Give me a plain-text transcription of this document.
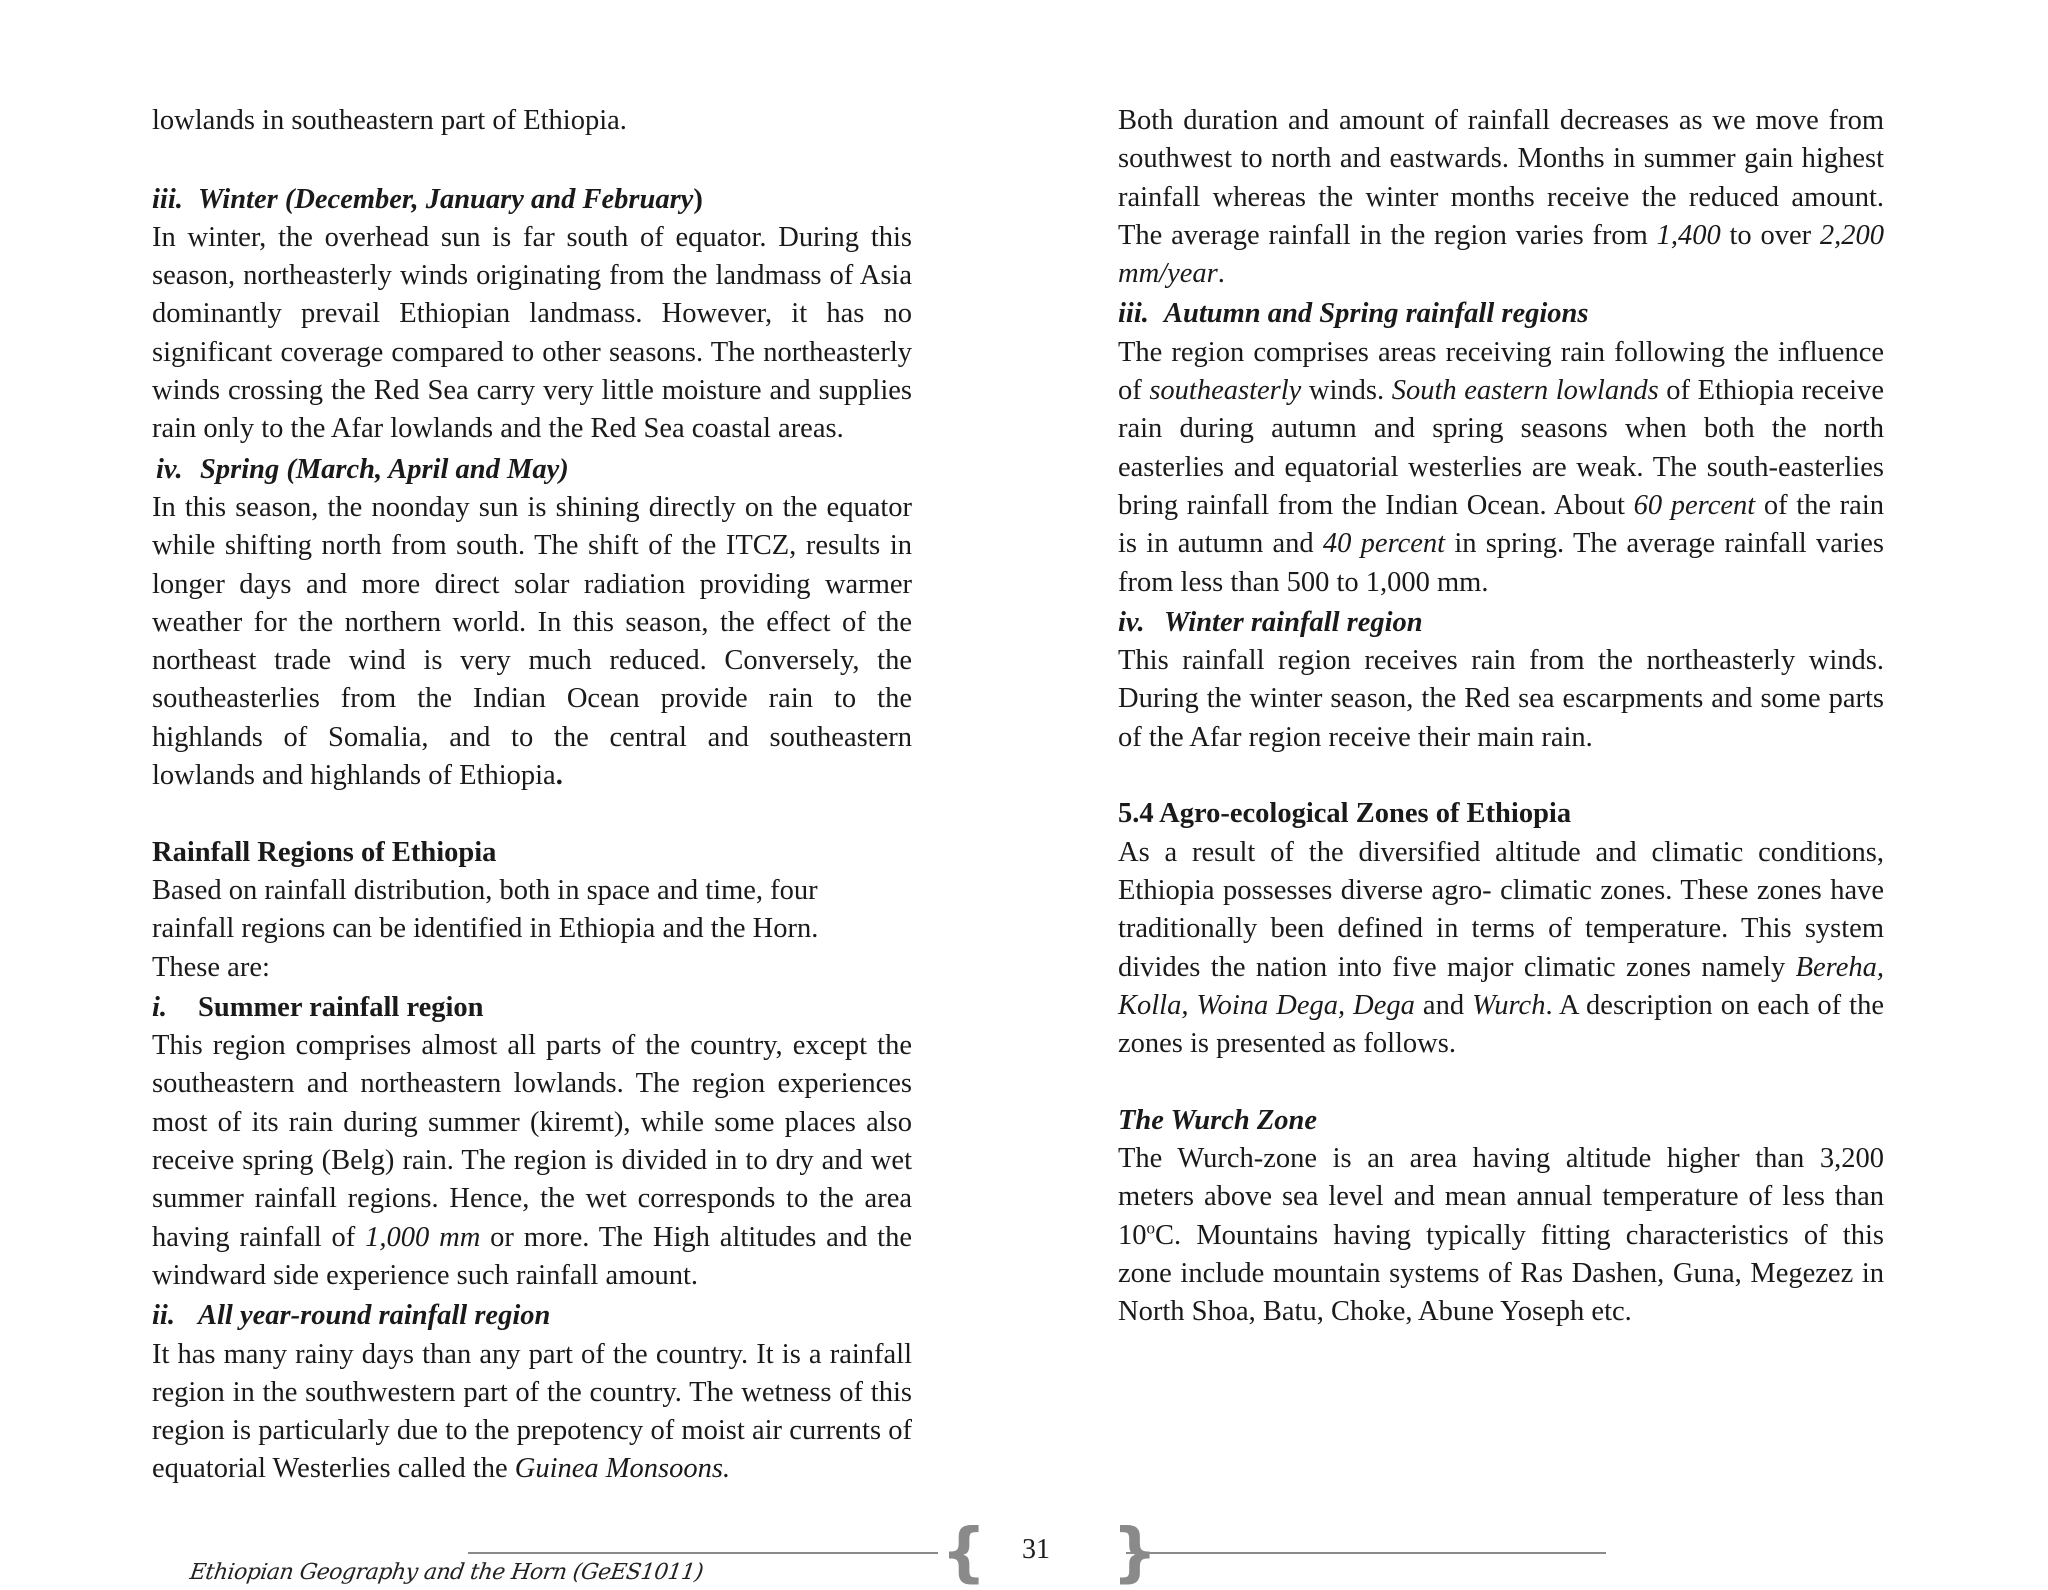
lowlands in southeastern part of Ethiopia.

iii. Winter (December, January and February)

In winter, the overhead sun is far south of equator. During this season, northeasterly winds originating from the landmass of Asia dominantly prevail Ethiopian landmass. However, it has no significant coverage compared to other seasons. The northeasterly winds crossing the Red Sea carry very little moisture and supplies rain only to the Afar lowlands and the Red Sea coastal areas.

iv. Spring (March, April and May)

In this season, the noonday sun is shining directly on the equator while shifting north from south. The shift of the ITCZ, results in longer days and more direct solar radiation providing warmer weather for the northern world. In this season, the effect of the northeast trade wind is very much reduced. Conversely, the southeasterlies from the Indian Ocean provide rain to the highlands of Somalia, and to the central and southeastern lowlands and highlands of Ethiopia.

Rainfall Regions of Ethiopia

Based on rainfall distribution, both in space and time, four

rainfall regions can be identified in Ethiopia and the Horn.

These are:

i.	Summer rainfall region

This region comprises almost all parts of the country, except the southeastern and northeastern lowlands. The region experiences most of its rain during summer (kiremt), while some places also receive spring (Belg) rain. The region is divided in to dry and wet summer rainfall regions. Hence, the wet corresponds to the area having rainfall of 1,000 mm or more. The High altitudes and the windward side experience such rainfall amount.

ii. All year-round rainfall region

It has many rainy days than any part of the country. It is a rainfall region in the southwestern part of the country. The wetness of this region is particularly due to the prepotency of moist air currents of equatorial Westerlies called the Guinea Monsoons.

Both duration and amount of rainfall decreases as we move from southwest to north and eastwards. Months in summer gain highest rainfall whereas the winter months receive the reduced amount. The average rainfall in the region varies from 1,400 to over 2,200 mm/year.

iii. Autumn and Spring rainfall regions

The region comprises areas receiving rain following the influence of southeasterly winds. South eastern lowlands of Ethiopia receive rain during autumn and spring seasons when both the north easterlies and equatorial westerlies are weak. The south-easterlies bring rainfall from the Indian Ocean. About 60 percent of the rain is in autumn and 40 percent in spring. The average rainfall varies from less than 500 to 1,000 mm.

iv. Winter rainfall region

This rainfall region receives rain from the northeasterly winds. During the winter season, the Red sea escarpments and some parts of the Afar region receive their main rain.

5.4 Agro-ecological Zones of Ethiopia

As a result of the diversified altitude and climatic conditions, Ethiopia possesses diverse agro- climatic zones. These zones have traditionally been defined in terms of temperature. This system divides the nation into five major climatic zones namely Bereha, Kolla, Woina Dega, Dega and Wurch. A description on each of the zones is presented as follows.

The Wurch Zone

The Wurch-zone is an area having altitude higher than 3,200 meters above sea level and mean annual temperature of less than 10$^o$C. Mountains having typically fitting characteristics of this zone include mountain systems of Ras Dashen, Guna, Megezez in North Shoa, Batu, Choke, Abune Yoseph etc.

{ 31 }
Ethiopian Geography and the Horn (GeES1011)
